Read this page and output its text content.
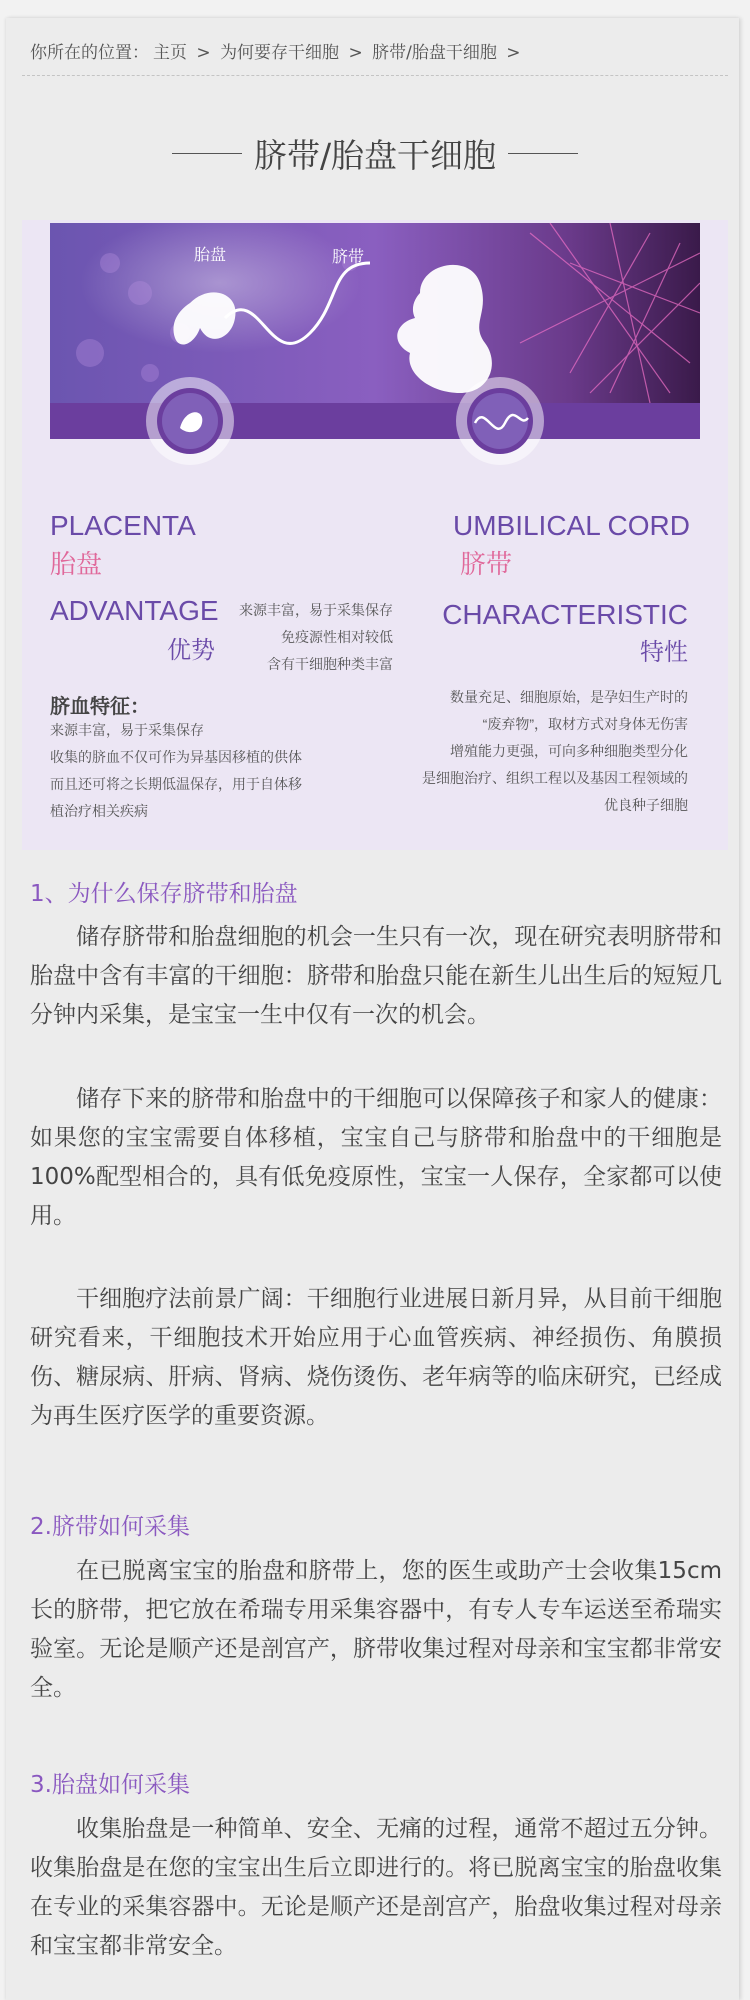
你所在的位置： 主页 > 为何要存干细胞 > 脐带/胎盘干细胞 >
脐带/胎盘干细胞
胎盘	脐带
PLACENTA
胎盘
UMBILICAL CORD
脐带
ADVANTAGE
优势
来源丰富，易于采集保存
免疫源性相对较低
含有干细胞种类丰富
CHARACTERISTIC
特性
脐血特征：
来源丰富，易于采集保存
收集的脐血不仅可作为异基因移植的供体
而且还可将之长期低温保存，用于自体移
植治疗相关疾病
数量充足、细胞原始，是孕妇生产时的
“废弃物”，取材方式对身体无伤害
增殖能力更强，可向多种细胞类型分化
是细胞治疗、组织工程以及基因工程领域的
优良种子细胞
1、为什么保存脐带和胎盘

储存脐带和胎盘细胞的机会一生只有一次，现在研究表明脐带和胎盘中含有丰富的干细胞：脐带和胎盘只能在新生儿出生后的短短几分钟内采集，是宝宝一生中仅有一次的机会。

储存下来的脐带和胎盘中的干细胞可以保障孩子和家人的健康：如果您的宝宝需要自体移植，宝宝自己与脐带和胎盘中的干细胞是100%配型相合的，具有低免疫原性，宝宝一人保存，全家都可以使用。

干细胞疗法前景广阔：干细胞行业进展日新月异，从目前干细胞研究看来，干细胞技术开始应用于心血管疾病、神经损伤、角膜损伤、糖尿病、肝病、肾病、烧伤烫伤、老年病等的临床研究，已经成为再生医疗医学的重要资源。

2.脐带如何采集

在已脱离宝宝的胎盘和脐带上，您的医生或助产士会收集15cm长的脐带，把它放在希瑞专用采集容器中，有专人专车运送至希瑞实验室。无论是顺产还是剖宫产，脐带收集过程对母亲和宝宝都非常安全。

3.胎盘如何采集

收集胎盘是一种简单、安全、无痛的过程，通常不超过五分钟。收集胎盘是在您的宝宝出生后立即进行的。将已脱离宝宝的胎盘收集在专业的采集容器中。无论是顺产还是剖宫产，胎盘收集过程对母亲和宝宝都非常安全。
